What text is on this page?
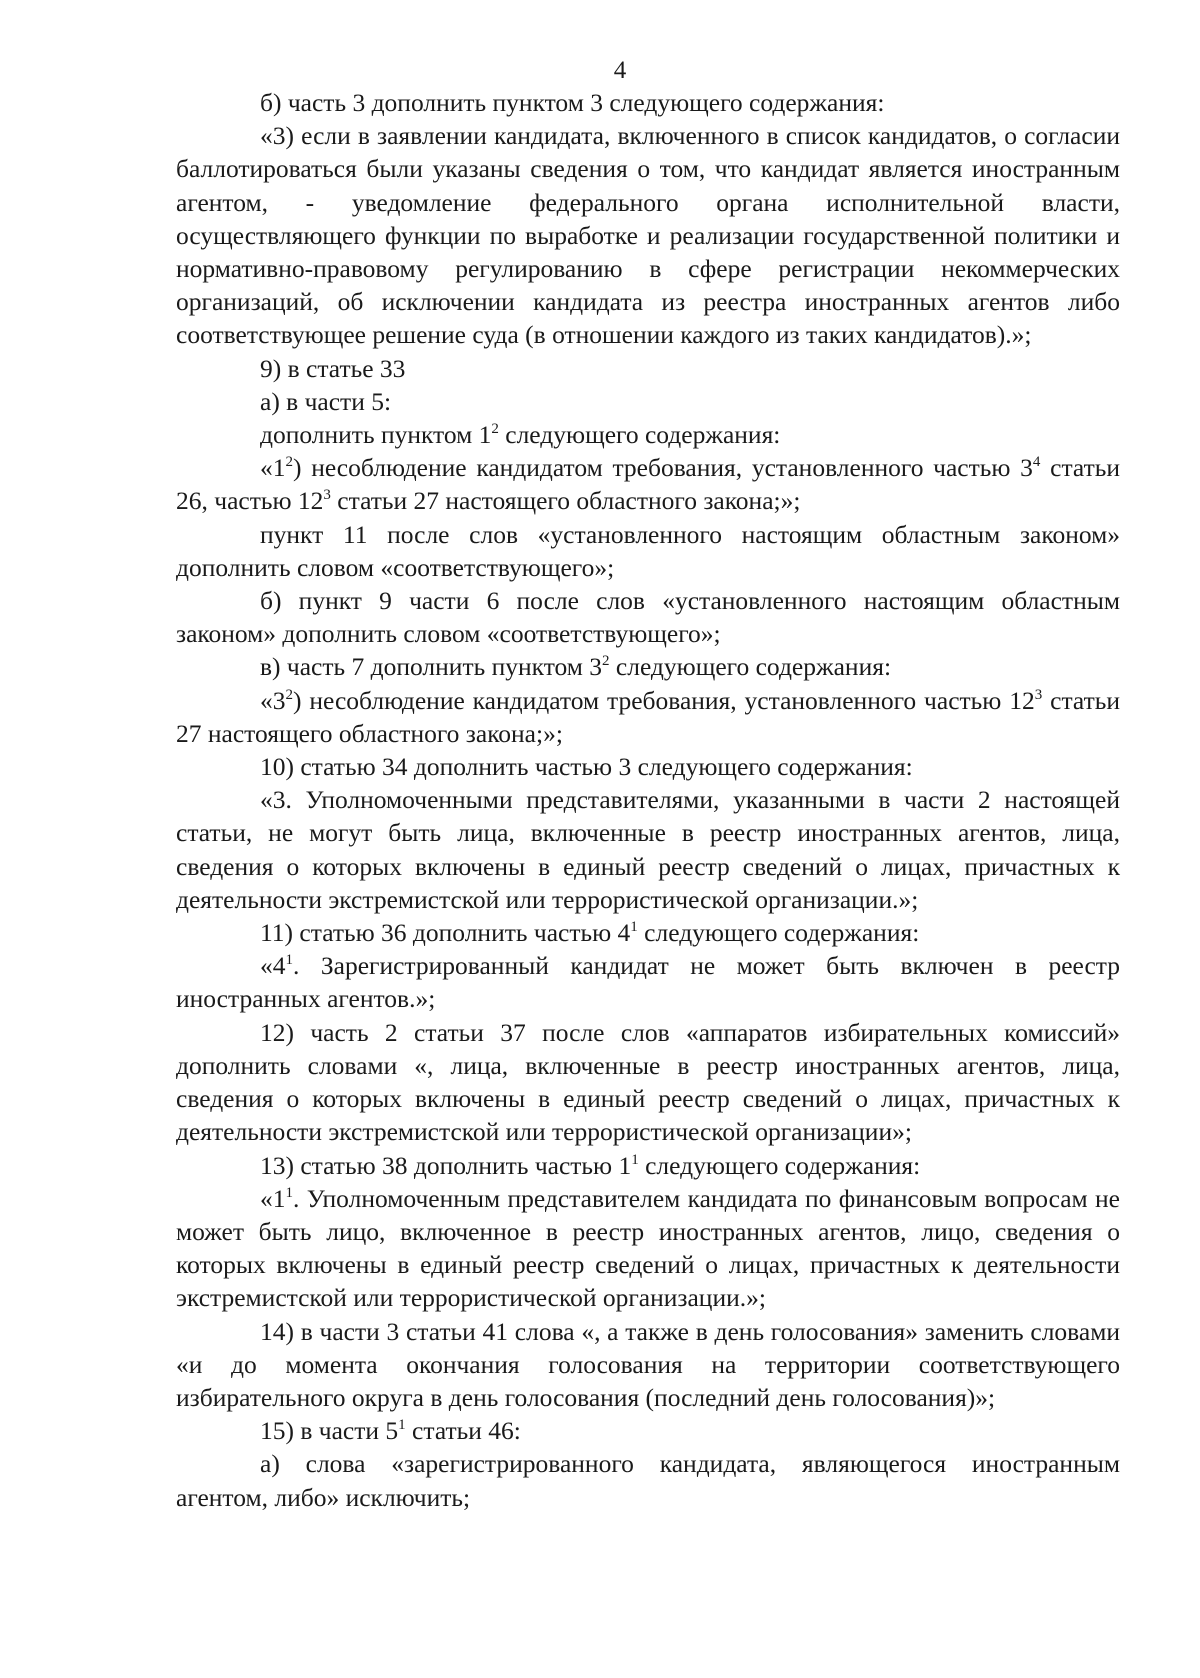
4

б) часть 3 дополнить пунктом 3 следующего содержания:

«3) если в заявлении кандидата, включенного в список кандидатов, о согласии баллотироваться были указаны сведения о том, что кандидат является иностранным агентом, - уведомление федерального органа исполнительной власти, осуществляющего функции по выработке и реализации государственной политики и нормативно-правовому регулированию в сфере регистрации некоммерческих организаций, об исключении кандидата из реестра иностранных агентов либо соответствующее решение суда (в отношении каждого из таких кандидатов).»;

9) в статье 33

а) в части 5:

дополнить пунктом $1^2$ следующего содержания:

«$1^2$) несоблюдение кандидатом требования, установленного частью $3^4$ статьи 26, частью $12^3$ статьи 27 настоящего областного закона;»;

пункт 11 после слов «установленного настоящим областным законом» дополнить словом «соответствующего»;

б) пункт 9 части 6 после слов «установленного настоящим областным законом» дополнить словом «соответствующего»;

в) часть 7 дополнить пунктом $3^2$ следующего содержания:

«$3^2$) несоблюдение кандидатом требования, установленного частью $12^3$ статьи 27 настоящего областного закона;»;

10) статью 34 дополнить частью 3 следующего содержания:

«3. Уполномоченными представителями, указанными в части 2 настоящей статьи, не могут быть лица, включенные в реестр иностранных агентов, лица, сведения о которых включены в единый реестр сведений о лицах, причастных к деятельности экстремистской или террористической организации.»;

11) статью 36 дополнить частью $4^1$ следующего содержания:

«$4^1$. Зарегистрированный кандидат не может быть включен в реестр иностранных агентов.»;

12) часть 2 статьи 37 после слов «аппаратов избирательных комиссий» дополнить словами «, лица, включенные в реестр иностранных агентов, лица, сведения о которых включены в единый реестр сведений о лицах, причастных к деятельности экстремистской или террористической организации»;

13) статью 38 дополнить частью $1^1$ следующего содержания:

«$1^1$. Уполномоченным представителем кандидата по финансовым вопросам не может быть лицо, включенное в реестр иностранных агентов, лицо, сведения о которых включены в единый реестр сведений о лицах, причастных к деятельности экстремистской или террористической организации.»;

14) в части 3 статьи 41 слова «, а также в день голосования» заменить словами «и до момента окончания голосования на территории соответствующего избирательного округа в день голосования (последний день голосования)»;

15) в части $5^1$ статьи 46:

а) слова «зарегистрированного кандидата, являющегося иностранным агентом, либо» исключить;
